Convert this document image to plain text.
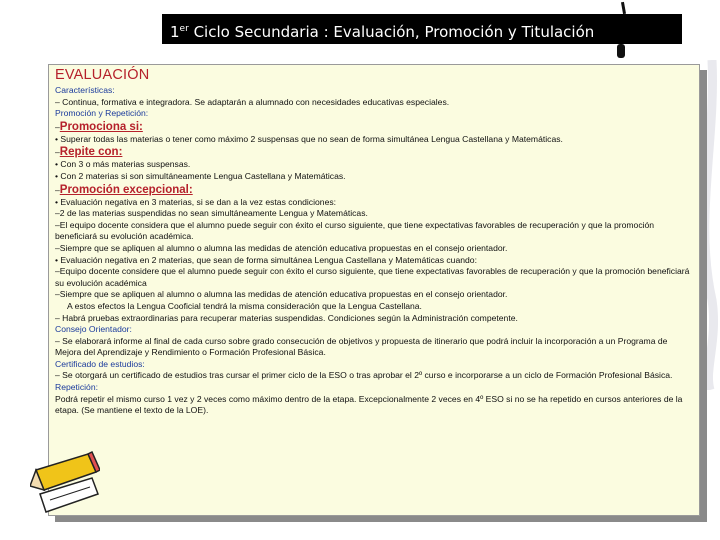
1er Ciclo Secundaria : Evaluación, Promoción y Titulación
EVALUACIÓN
Características:
– Continua, formativa e integradora. Se adaptarán a alumnado con necesidades educativas especiales.
Promoción y Repetición:
–Promociona si:
• Superar todas las materias o tener como máximo 2 suspensas que no sean de forma simultánea Lengua Castellana y Matemáticas.
–Repite con:
• Con 3 o más materias suspensas.
• Con 2 materias si son simultáneamente Lengua Castellana y Matemáticas.
–Promoción excepcional:
• Evaluación negativa en 3 materias, si se dan a la vez estas condiciones:
–2 de las materias suspendidas no sean simultáneamente Lengua y Matemáticas.
–El equipo docente considera que el alumno puede seguir con éxito el curso siguiente, que tiene expectativas favorables de recuperación y que la promoción beneficiará su evolución académica.
–Siempre que se apliquen al alumno o alumna las medidas de atención educativa propuestas en el consejo orientador.
• Evaluación negativa en 2 materias, que sean de forma simultánea Lengua Castellana y Matemáticas cuando:
–Equipo docente considere que el alumno puede seguir con éxito el curso siguiente, que tiene expectativas favorables de recuperación y que la promoción beneficiará su evolución académica
–Siempre que se apliquen al alumno o alumna las medidas de atención educativa propuestas en el consejo orientador.
A estos efectos la Lengua Cooficial tendrá la misma consideración que la Lengua Castellana.
– Habrá pruebas extraordinarias para recuperar materias suspendidas. Condiciones según la Administración competente.
Consejo Orientador:
– Se elaborará informe al final de cada curso sobre grado consecución de objetivos y propuesta de itinerario que podrá incluir la incorporación a un Programa de Mejora del Aprendizaje y Rendimiento o Formación Profesional Básica.
Certificado de estudios:
– Se otorgará un certificado de estudios tras cursar el primer ciclo de la ESO o tras aprobar el 2º curso e incorporarse a un ciclo de Formación Profesional Básica.
Repetición:
Podrá repetir el mismo curso 1 vez y 2 veces como máximo dentro de la etapa. Excepcionalmente 2 veces en 4º ESO si no se ha repetido en cursos anteriores de la etapa. (Se mantiene el texto de la LOE).
